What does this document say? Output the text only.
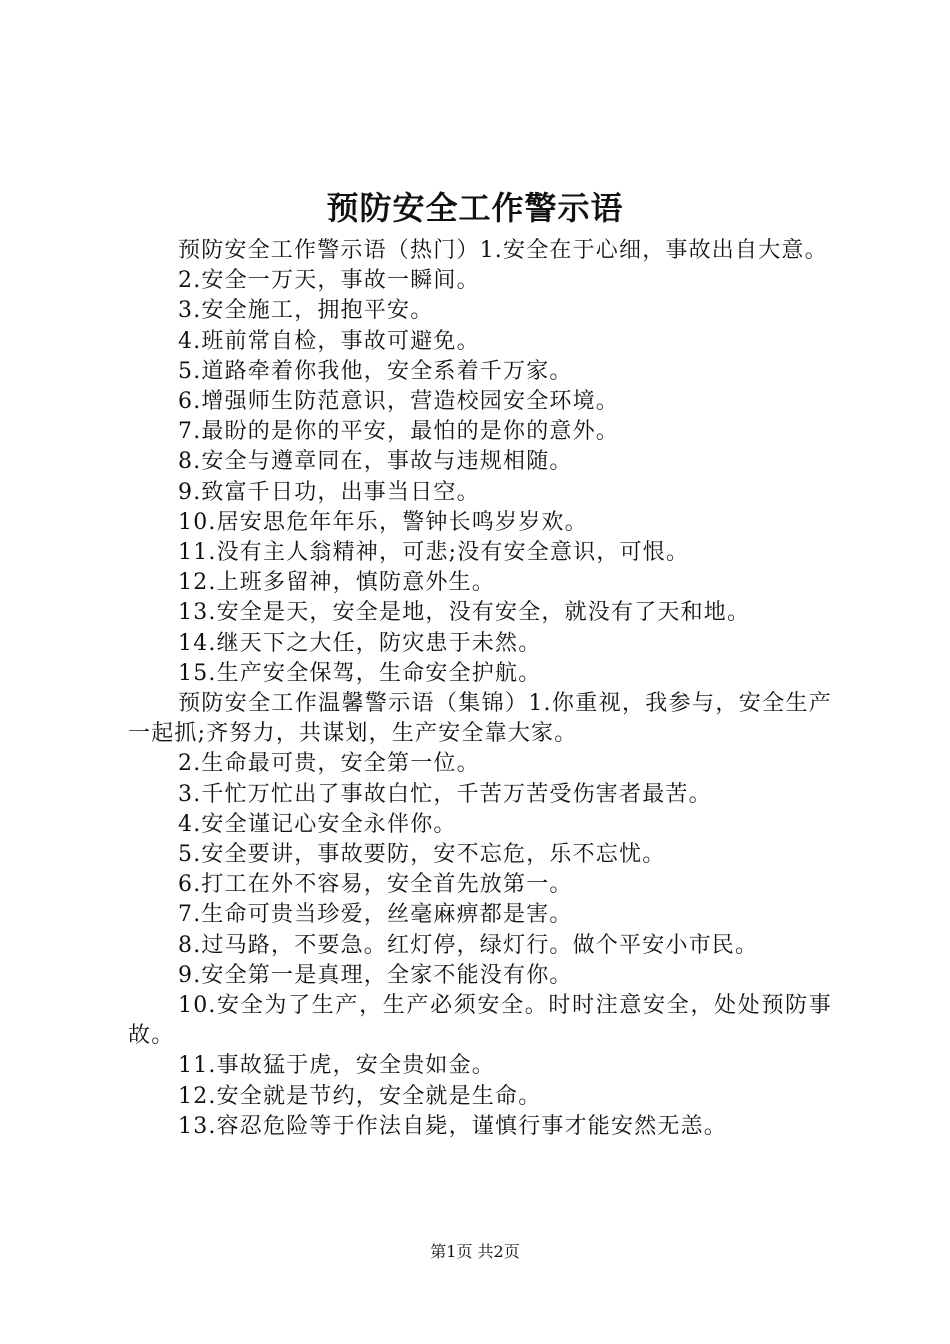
预防安全工作警示语

预防安全工作警示语（热门）1.安全在于心细，事故出自大意。

2.安全一万天，事故一瞬间。

3.安全施工，拥抱平安。

4.班前常自检，事故可避免。

5.道路牵着你我他，安全系着千万家。

6.增强师生防范意识，营造校园安全环境。

7.最盼的是你的平安，最怕的是你的意外。

8.安全与遵章同在，事故与违规相随。

9.致富千日功，出事当日空。

10.居安思危年年乐，警钟长鸣岁岁欢。

11.没有主人翁精神，可悲;没有安全意识，可恨。

12.上班多留神，慎防意外生。

13.安全是天，安全是地，没有安全，就没有了天和地。

14.继天下之大任，防灾患于未然。

15.生产安全保驾，生命安全护航。

预防安全工作温馨警示语（集锦）1.你重视，我参与，安全生产一起抓;齐努力，共谋划，生产安全靠大家。

2.生命最可贵，安全第一位。

3.千忙万忙出了事故白忙，千苦万苦受伤害者最苦。

4.安全谨记心安全永伴你。

5.安全要讲，事故要防，安不忘危，乐不忘忧。

6.打工在外不容易，安全首先放第一。

7.生命可贵当珍爱，丝毫麻痹都是害。

8.过马路，不要急。红灯停，绿灯行。做个平安小市民。

9.安全第一是真理，全家不能没有你。

10.安全为了生产，生产必须安全。时时注意安全，处处预防事故。

11.事故猛于虎，安全贵如金。

12.安全就是节约，安全就是生命。

13.容忍危险等于作法自毙，谨慎行事才能安然无恙。

第1页 共2页
